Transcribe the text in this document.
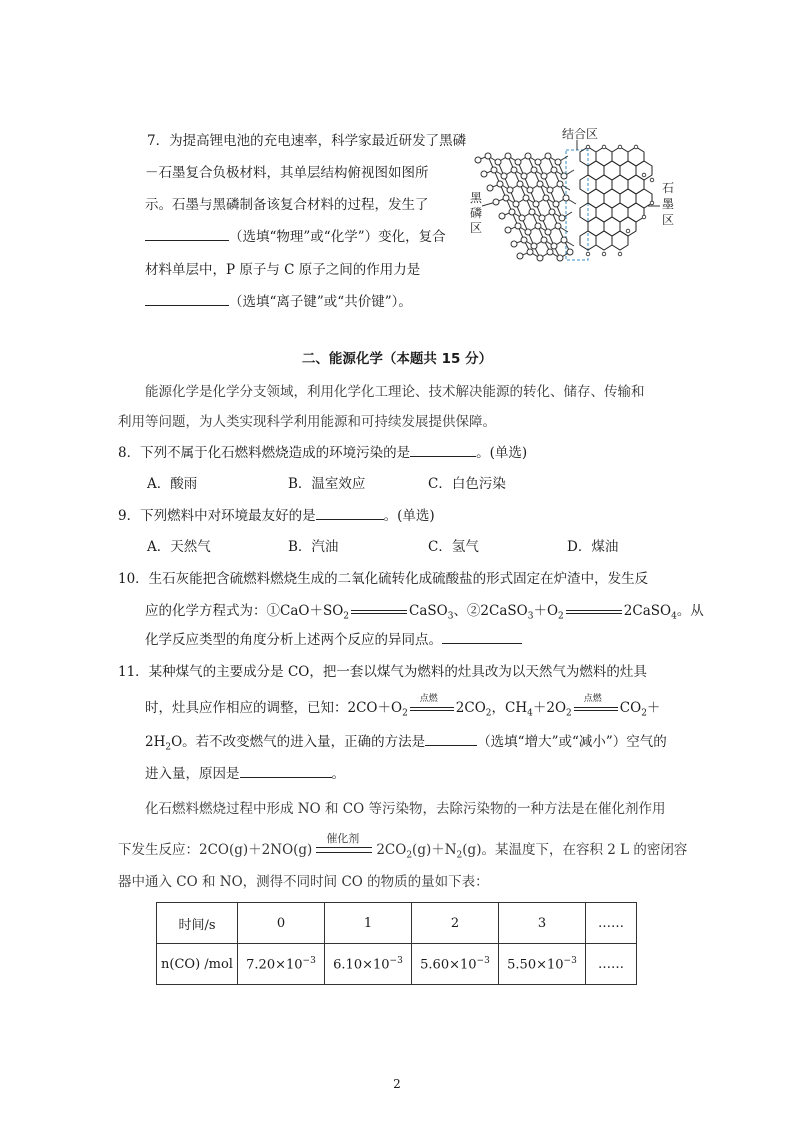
7．为提高锂电池的充电速率，科学家最近研发了黑磷
－石墨复合负极材料，其单层结构俯视图如图所
示。石墨与黑磷制备该复合材料的过程，发生了
（选填“物理”或“化学”）变化，复合
材料单层中，P 原子与 C 原子之间的作用力是
（选填“离子键”或“共价键”）。
结合区
黑
磷
区
石
墨
区
二、能源化学（本题共 15 分）
能源化学是化学分支领域，利用化学化工理论、技术解决能源的转化、储存、传输和
利用等问题，为人类实现科学利用能源和可持续发展提供保障。
8．下列不属于化石燃料燃烧造成的环境污染的是	。(单选)
A．酸雨	B．温室效应	C．白色污染
9．下列燃料中对环境最友好的是	。(单选)
A．天然气	B．汽油	C．氢气	D．煤油
10．生石灰能把含硫燃料燃烧生成的二氧化硫转化成硫酸盐的形式固定在炉渣中，发生反
应的化学方程式为：$①CaO+SO_2$	CaSO$_3$、$②2CaSO_3+O_2$	2CaSO$_4$。从
化学反应类型的角度分析上述两个反应的异同点。
11．某种煤气的主要成分是 CO，把一套以煤气为燃料的灶具改为以天然气为燃料的灶具
时，灶具应作相应的调整，已知：$2CO+O_2$
点燃
$2CO_2$，$CH_4+2O_2$
点燃
$CO_2+$
$2H_2O$。若不改变燃气的进入量，正确的方法是	（选填“增大”或“减小”）空气的
进入量，原因是	。
化石燃料燃烧过程中形成 NO 和 CO 等污染物，去除污染物的一种方法是在催化剂作用
下发生反应：2CO(g)＋2NO(g)
催化剂
$2CO_2(g)+N_2(g)$。某温度下，在容积 2 L 的密闭容
器中通入 CO 和 NO，测得不同时间 CO 的物质的量如下表：
时间/s	0	1	2	3	……
n(CO) /mol	$7.20\times 10^{-3}$	$6.10\times 10^{-3}$	$5.60\times 10^{-3}$	$5.50\times 10^{-3}$	……
2
